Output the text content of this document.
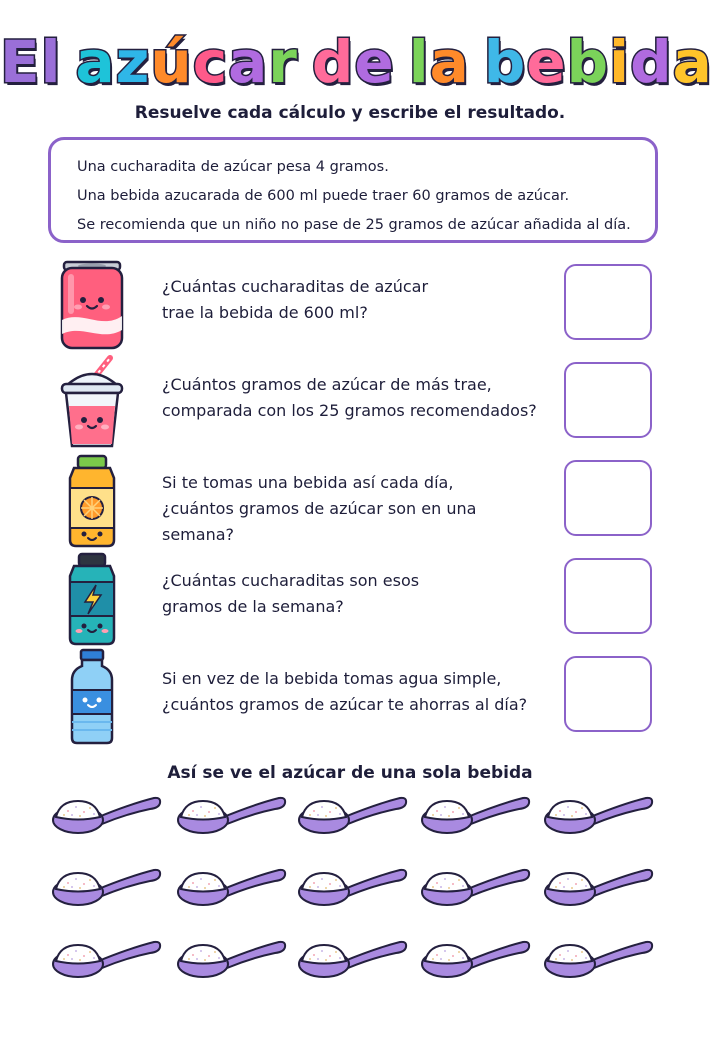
El azúcar de la bebida
Resuelve cada cálculo y escribe el resultado.
Una cucharadita de azúcar pesa 4 gramos.
Una bebida azucarada de 600 ml puede traer 60 gramos de azúcar.
Se recomienda que un niño no pase de 25 gramos de azúcar añadida al día.
¿Cuántas cucharaditas de azúcar
trae la bebida de 600 ml?
¿Cuántos gramos de azúcar de más trae,
comparada con los 25 gramos recomendados?
Si te tomas una bebida así cada día,
¿cuántos gramos de azúcar son en una semana?
¿Cuántas cucharaditas son esos
gramos de la semana?
Si en vez de la bebida tomas agua simple,
¿cuántos gramos de azúcar te ahorras al día?
Así se ve el azúcar de una sola bebida
